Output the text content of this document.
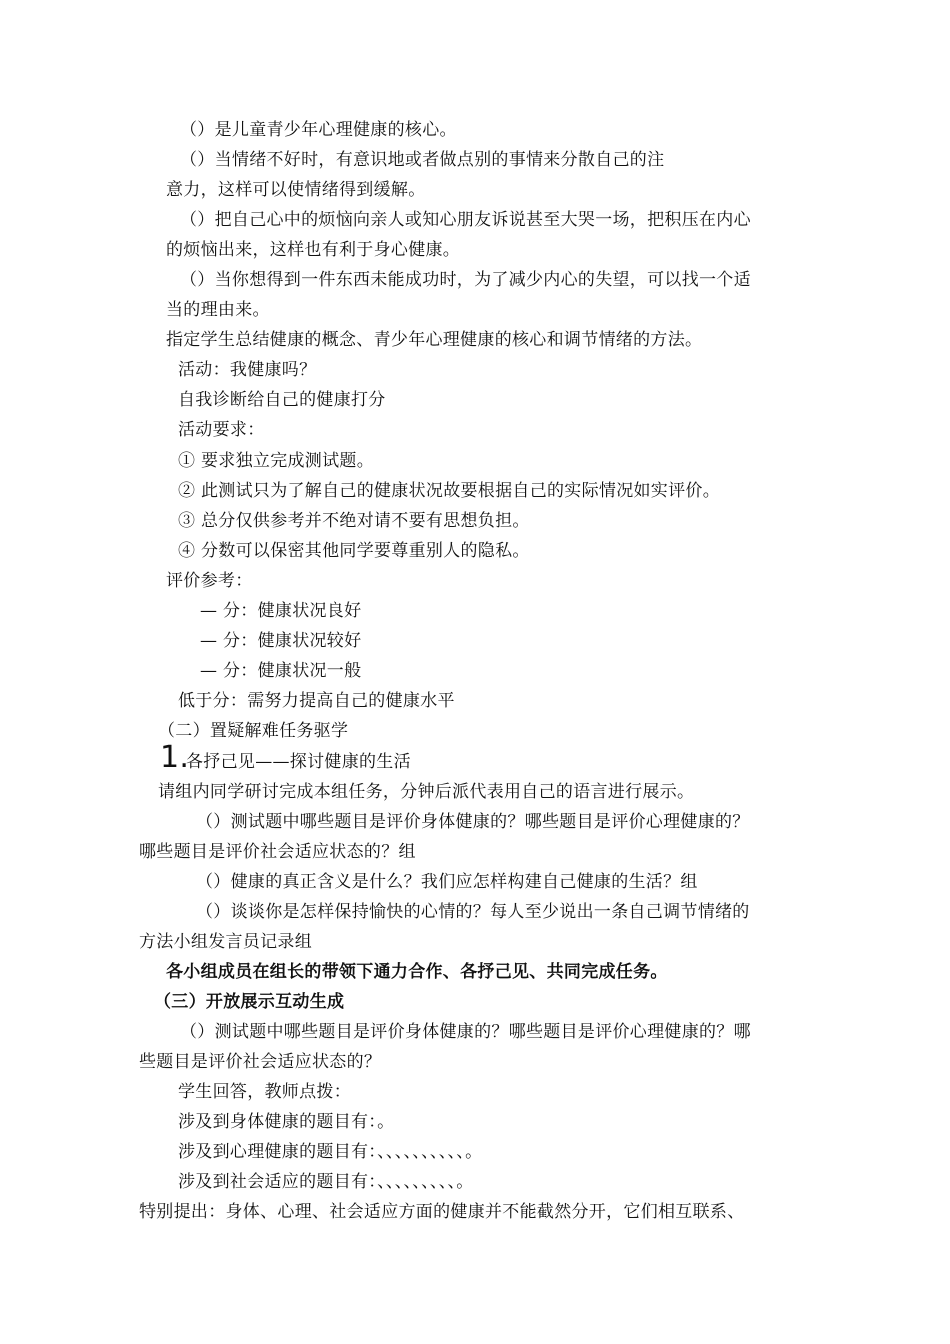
（）是儿童青少年心理健康的核心。
（）当情绪不好时，有意识地或者做点别的事情来分散自己的注
意力，这样可以使情绪得到缓解。
（）把自己心中的烦恼向亲人或知心朋友诉说甚至大哭一场，把积压在内心
的烦恼出来，这样也有利于身心健康。
（）当你想得到一件东西未能成功时，为了减少内心的失望，可以找一个适
当的理由来。
指定学生总结健康的概念、青少年心理健康的核心和调节情绪的方法。
活动：我健康吗？
自我诊断给自己的健康打分
活动要求：
① 要求独立完成测试题。
② 此测试只为了解自己的健康状况故要根据自己的实际情况如实评价。
③ 总分仅供参考并不绝对请不要有思想负担。
④ 分数可以保密其他同学要尊重别人的隐私。
评价参考：
— 分：健康状况良好
— 分：健康状况较好
— 分：健康状况一般
低于分：需努力提高自己的健康水平
（二）置疑解难任务驱学
1.
各抒己见——探讨健康的生活
请组内同学研讨完成本组任务，分钟后派代表用自己的语言进行展示。
（）测试题中哪些题目是评价身体健康的？哪些题目是评价心理健康的？
哪些题目是评价社会适应状态的？组
（）健康的真正含义是什么？我们应怎样构建自己健康的生活？组
（）谈谈你是怎样保持愉快的心情的？每人至少说出一条自己调节情绪的
方法小组发言员记录组
各小组成员在组长的带领下通力合作、各抒己见、共同完成任务。
（三）开放展示互动生成
（）测试题中哪些题目是评价身体健康的？哪些题目是评价心理健康的？哪
些题目是评价社会适应状态的？
学生回答，教师点拨：
涉及到身体健康的题目有：。
涉及到心理健康的题目有：、、、、、、、、、、。
涉及到社会适应的题目有：、、、、、、、、、。
特别提出：身体、心理、社会适应方面的健康并不能截然分开，它们相互联系、
